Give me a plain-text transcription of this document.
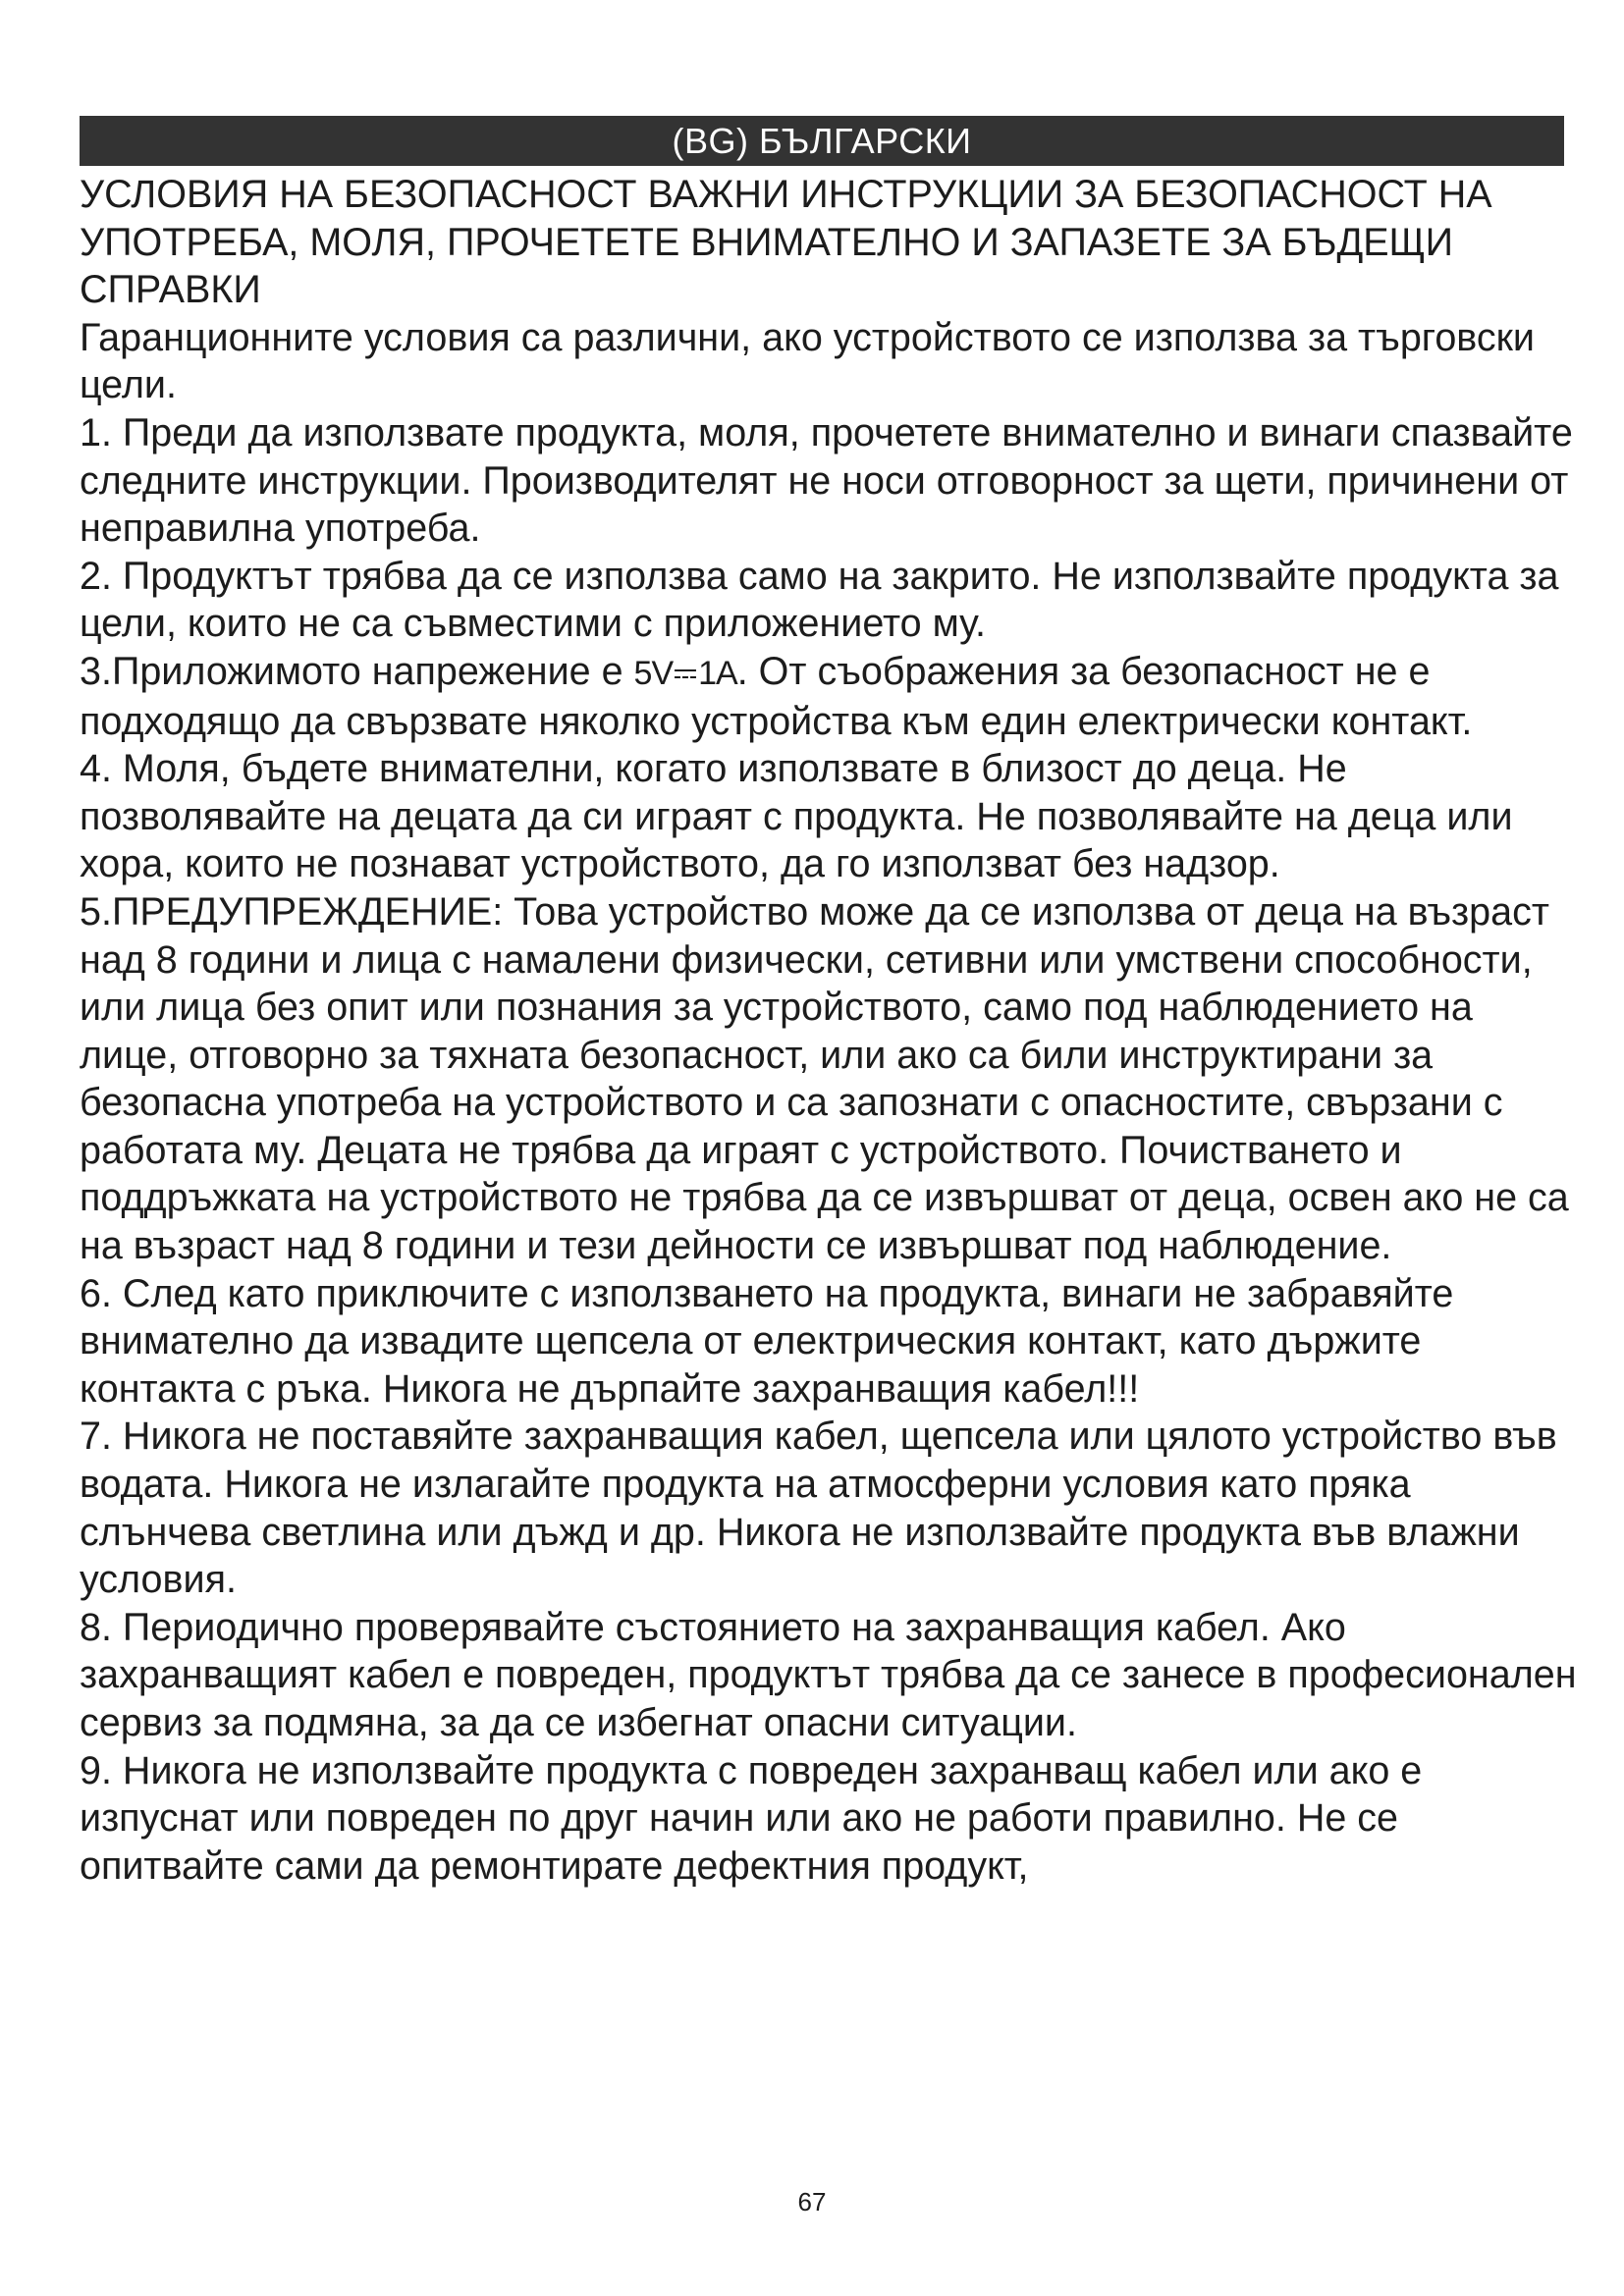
(BG) БЪЛГАРСКИ

УСЛОВИЯ НА БЕЗОПАСНОСТ ВАЖНИ ИНСТРУКЦИИ ЗА БЕЗОПАСНОСТ НА УПОТРЕБА, МОЛЯ, ПРОЧЕТЕТЕ ВНИМАТЕЛНО И ЗАПАЗЕТЕ ЗА БЪДЕЩИ СПРАВКИ

Гаранционните условия са различни, ако устройството се използва за търговски цели.

1. Преди да използвате продукта, моля, прочетете внимателно и винаги спазвайте следните инструкции. Производителят не носи отговорност за щети, причинени от неправилна употреба.

2. Продуктът трябва да се използва само на закрито. Не използвайте продукта за цели, които не са съвместими с приложението му.

3.Приложимото напрежение е 5V 1A. От съображения за безопасност не е подходящо да свързвате няколко устройства към един електрически контакт.

4. Моля, бъдете внимателни, когато използвате в близост до деца. Не позволявайте на децата да си играят с продукта. Не позволявайте на деца или хора, които не познават устройството, да го използват без надзор.

5.ПРЕДУПРЕЖДЕНИЕ: Това устройство може да се използва от деца на възраст над 8 години и лица с намалени физически, сетивни или умствени способности, или лица без опит или познания за устройството, само под наблюдението на лице, отговорно за тяхната безопасност, или ако са били инструктирани за безопасна употреба на устройството и са запознати с опасностите, свързани с работата му. Децата не трябва да играят с устройството. Почистването и поддръжката на устройството не трябва да се извършват от деца, освен ако не са на възраст над 8 години и тези дейности се извършват под наблюдение.

6. След като приключите с използването на продукта, винаги не забравяйте внимателно да извадите щепсела от електрическия контакт, като държите контакта с ръка. Никога не дърпайте захранващия кабел!!!

7. Никога не поставяйте захранващия кабел, щепсела или цялото устройство във водата. Никога не излагайте продукта на атмосферни условия като пряка слънчева светлина или дъжд и др. Никога не използвайте продукта във влажни условия.

8. Периодично проверявайте състоянието на захранващия кабел. Ако захранващият кабел е повреден, продуктът трябва да се занесе в професионален сервиз за подмяна, за да се избегнат опасни ситуации.

9. Никога не използвайте продукта с повреден захранващ кабел или ако е изпуснат или повреден по друг начин или ако не работи правилно. Не се опитвайте сами да ремонтирате дефектния продукт,

67
